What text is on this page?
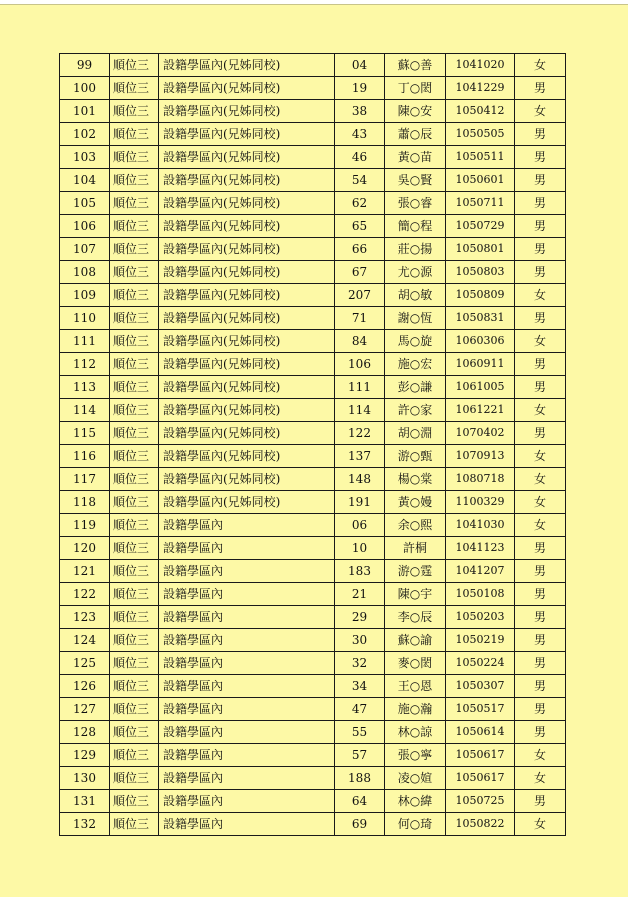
99	順位三	設籍學區內(兄姊同校)	04	蘇○善	1041020	女
100	順位三	設籍學區內(兄姊同校)	19	丁○閎	1041229	男
101	順位三	設籍學區內(兄姊同校)	38	陳○安	1050412	女
102	順位三	設籍學區內(兄姊同校)	43	蕭○辰	1050505	男
103	順位三	設籍學區內(兄姊同校)	46	黃○苗	1050511	男
104	順位三	設籍學區內(兄姊同校)	54	吳○賢	1050601	男
105	順位三	設籍學區內(兄姊同校)	62	張○睿	1050711	男
106	順位三	設籍學區內(兄姊同校)	65	簡○程	1050729	男
107	順位三	設籍學區內(兄姊同校)	66	莊○揚	1050801	男
108	順位三	設籍學區內(兄姊同校)	67	尤○源	1050803	男
109	順位三	設籍學區內(兄姊同校)	207	胡○敏	1050809	女
110	順位三	設籍學區內(兄姊同校)	71	謝○恆	1050831	男
111	順位三	設籍學區內(兄姊同校)	84	馬○旋	1060306	女
112	順位三	設籍學區內(兄姊同校)	106	施○宏	1060911	男
113	順位三	設籍學區內(兄姊同校)	111	彭○謙	1061005	男
114	順位三	設籍學區內(兄姊同校)	114	許○家	1061221	女
115	順位三	設籍學區內(兄姊同校)	122	胡○淵	1070402	男
116	順位三	設籍學區內(兄姊同校)	137	游○甄	1070913	女
117	順位三	設籍學區內(兄姊同校)	148	楊○棠	1080718	女
118	順位三	設籍學區內(兄姊同校)	191	黃○嫚	1100329	女
119	順位三	設籍學區內	06	余○熙	1041030	女
120	順位三	設籍學區內	10	許桐	1041123	男
121	順位三	設籍學區內	183	游○霆	1041207	男
122	順位三	設籍學區內	21	陳○宇	1050108	男
123	順位三	設籍學區內	29	李○辰	1050203	男
124	順位三	設籍學區內	30	蘇○諭	1050219	男
125	順位三	設籍學區內	32	麥○閎	1050224	男
126	順位三	設籍學區內	34	王○恩	1050307	男
127	順位三	設籍學區內	47	施○瀚	1050517	男
128	順位三	設籍學區內	55	林○諒	1050614	男
129	順位三	設籍學區內	57	張○寧	1050617	女
130	順位三	設籍學區內	188	凌○媗	1050617	女
131	順位三	設籍學區內	64	林○緯	1050725	男
132	順位三	設籍學區內	69	何○琦	1050822	女
